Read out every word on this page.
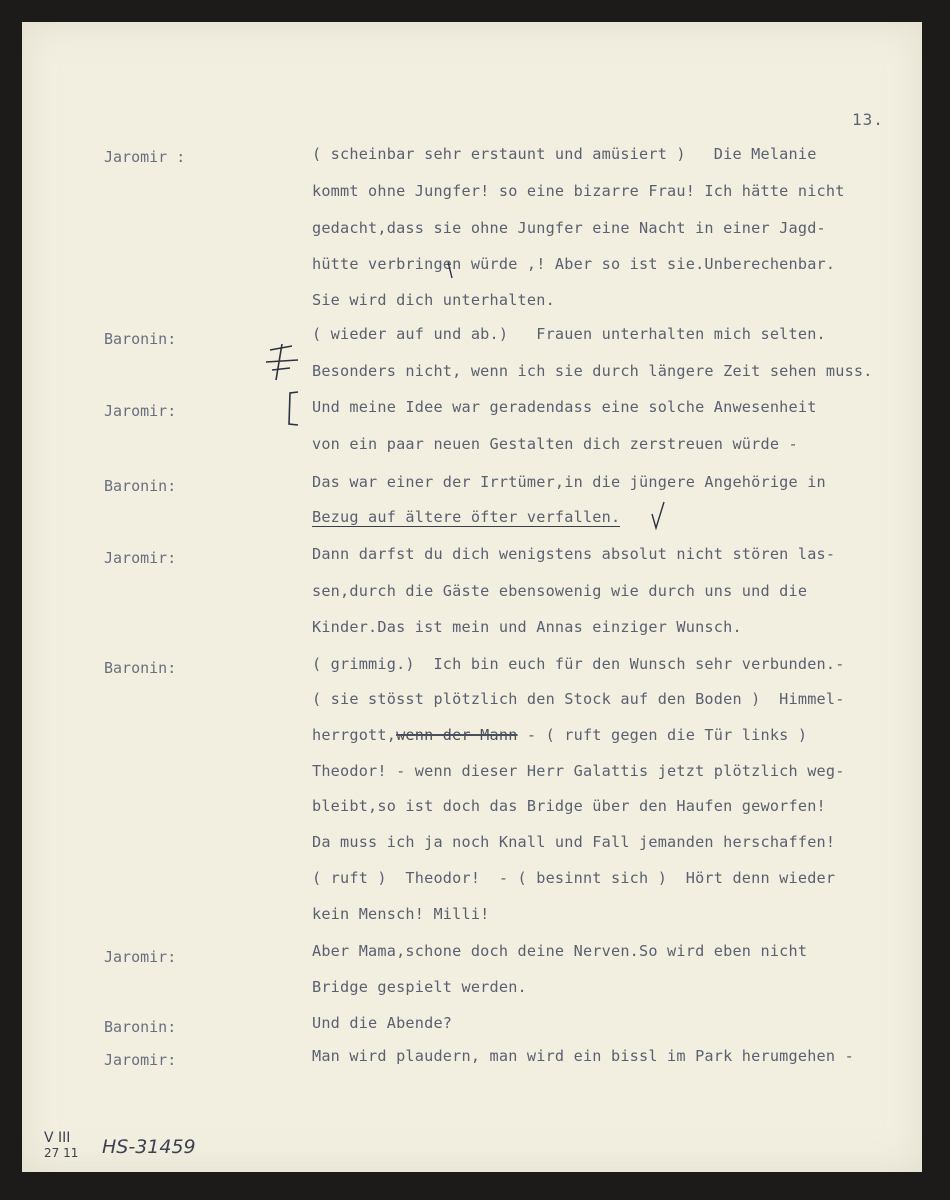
13.
Jaromir :	( scheinbar sehr erstaunt und amüsiert )   Die Melanie
kommt ohne Jungfer! so eine bizarre Frau! Ich hätte nicht
gedacht,dass sie ohne Jungfer eine Nacht in einer Jagd-
hütte verbringen würde ,! Aber so ist sie.Unberechenbar.
Sie wird dich unterhalten.
Baronin:	( wieder auf und ab.)   Frauen unterhalten mich selten.
Besonders nicht, wenn ich sie durch längere Zeit sehen muss.
Jaromir:	Und meine Idee war geradendass eine solche Anwesenheit
von ein paar neuen Gestalten dich zerstreuen würde -
Baronin:	Das war einer der Irrtümer,in die jüngere Angehörige in
Bezug auf ältere öfter verfallen.
Jaromir:	Dann darfst du dich wenigstens absolut nicht stören las-
sen,durch die Gäste ebensowenig wie durch uns und die
Kinder.Das ist mein und Annas einziger Wunsch.
Baronin:	( grimmig.)  Ich bin euch für den Wunsch sehr verbunden.-
( sie stösst plötzlich den Stock auf den Boden )  Himmel-
herrgott,wenn der Mann - ( ruft gegen die Tür links )
Theodor! - wenn dieser Herr Galattis jetzt plötzlich weg-
bleibt,so ist doch das Bridge über den Haufen geworfen!
Da muss ich ja noch Knall und Fall jemanden herschaffen!
( ruft )  Theodor!  - ( besinnt sich )  Hört denn wieder
kein Mensch! Milli!
Jaromir:	Aber Mama,schone doch deine Nerven.So wird eben nicht
Bridge gespielt werden.
Baronin:	Und die Abende?
Jaromir:	Man wird plaudern, man wird ein bissl im Park herumgehen -
V III
27 11 HS-31459
